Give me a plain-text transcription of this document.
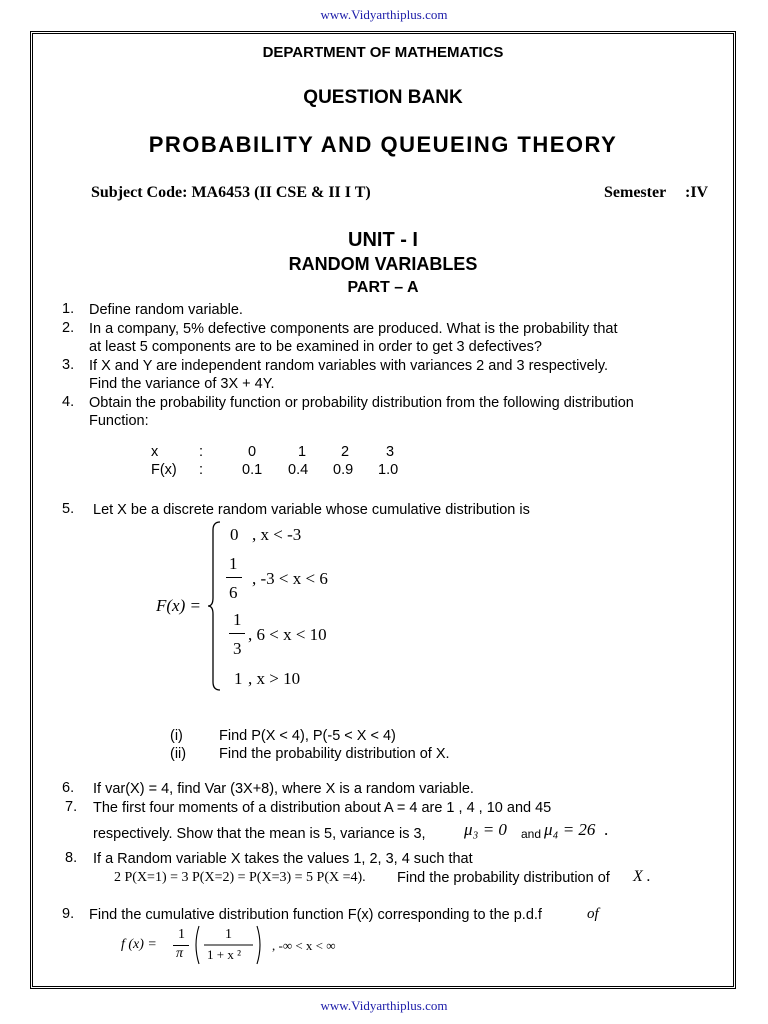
www.Vidyarthiplus.com
DEPARTMENT OF MATHEMATICS
QUESTION BANK
PROBABILITY AND QUEUEING THEORY
Subject Code: MA6453 (II CSE & II I T)	Semester :IV
UNIT - I
RANDOM VARIABLES
PART – A
1. Define random variable.
2. In a company, 5% defective components are produced. What is the probability that
at least 5 components are to be examined in order to get 3 defectives?
3. If X and Y are independent random variables with variances 2 and 3 respectively.
Find the variance of 3X + 4Y.
4. Obtain the probability function or probability distribution from the following distribution
Function:
x	:	0	1 2	3
F(x) :	0.1 0.4 0.9 1.0
5. Let X be a discrete random variable whose cumulative distribution is
F(x) =
0 , x < -3
1
6
, -3 < x < 6
1
3
, 6 < x < 10
1 , x > 10
(i) Find P(X < 4), P(-5 < X < 4)
(ii) Find the probability distribution of X.
6. If var(X) = 4, find Var (3X+8), where X is a random variable.
7. The first four moments of a distribution about A = 4 are 1 , 4 , 10 and 45
respectively. Show that the mean is 5, variance is 3, μ₃ = 0 and μ₄ = 26 .
8. If a Random variable X takes the values 1, 2, 3, 4 such that
2 P(X=1) = 3 P(X=2) = P(X=3) = 5 P(X =4). Find the probability distribution of X .
9. Find the cumulative distribution function F(x) corresponding to the p.d.f	of
f (x) =
1
π
1
1 + x ²
, -∞ < x < ∞
www.Vidyarthiplus.com
